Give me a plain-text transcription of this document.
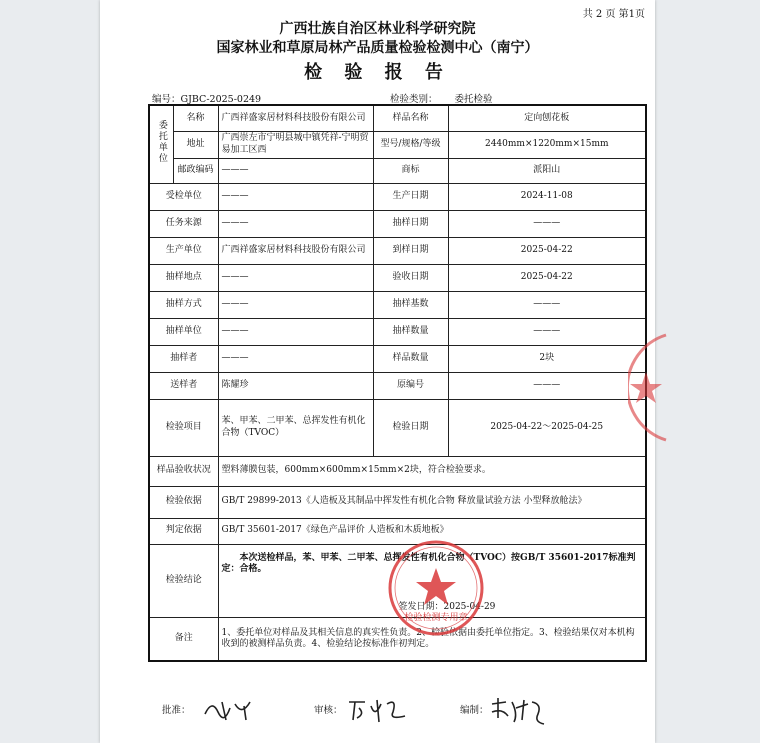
共 2 页 第1页
广西壮族自治区林业科学研究院
国家林业和草原局林产品质量检验检测中心（南宁）
检 验 报 告
编号：GJBC-2025-0249	检验类别： 委托检验
委托单位	名称	广西祥盛家居材料科技股份有限公司	样品名称	定向刨花板
	地址	广西崇左市宁明县城中镇凭祥-宁明贸易加工区西	型号/规格/等级	2440mm×1220mm×15mm
	邮政编码	———	商标	派阳山
受检单位		———	生产日期	2024-11-08
任务来源		———	抽样日期	———
生产单位		广西祥盛家居材料科技股份有限公司	到样日期	2025-04-22
抽样地点		———	验收日期	2025-04-22
抽样方式		———	抽样基数	———
抽样单位		———	抽样数量	———
抽样者		———	样品数量	2块
送样者		陈耀珍	原编号	———
检验项目		苯、甲苯、二甲苯、总挥发性有机化合物（TVOC）	检验日期	2025-04-22～2025-04-25
样品验收状况		塑料薄膜包装，600mm×600mm×15mm×2块，符合检验要求。		
检验依据		GB/T 29899-2013《人造板及其制品中挥发性有机化合物 释放量试验方法 小型释放舱法》		
判定依据		GB/T 35601-2017《绿色产品评价 人造板和木质地板》		
检验结论		本次送检样品，苯、甲苯、二甲苯、总挥发性有机化合物（TVOC）按GB/T 35601-2017标准判定：合格。
签发日期：2025-04-29		

备注		1、委托单位对样品及其相关信息的真实性负责。2、检验依据由委托单位指定。3、检验结果仅对本机构收到的被测样品负责。4、检验结论按标准作初判定。		
检验检测专用章
批准：	审核：	编制：
